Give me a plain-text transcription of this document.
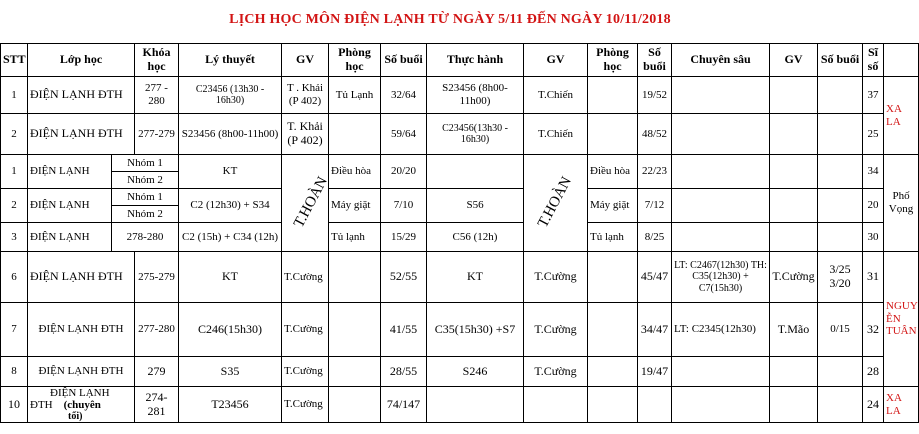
LỊCH HỌC MÔN ĐIỆN LẠNH TỪ NGÀY 5/11 ĐẾN NGÀY 10/11/2018
STT	Lớp học		Khóa học	Lý thuyết	GV	Phòng học	Số buổi	Thực hành	GV	Phòng học	Số buổi	Chuyên sâu	GV	Số buổi	Sĩ số	
1	ĐIỆN LẠNH ĐTH		277 - 280	C23456 (13h30 - 16h30)	T . Khải (P 402)	Tủ Lạnh	32/64	S23456 (8h00-11h00)	T.Chiến		19/52				37	XA LA
2	ĐIỆN LẠNH ĐTH		277-279	S23456 (8h00-11h00)	T. Khải (P 402)		59/64	C23456(13h30 - 16h30)	T.Chiến		48/52				25	
1	ĐIỆN LẠNH	Nhóm 1		KT	T.HOÀN	Điều hòa	20/20		T.HOÀN	Điều hòa	22/23				34	Phố Vọng
		Nhóm 2														
2	ĐIỆN LẠNH	Nhóm 1		C2 (12h30) + S34		Máy giặt	7/10	S56		Máy giặt	7/12				20	
		Nhóm 2														
3	ĐIỆN LẠNH	278-280		C2 (15h) + C34 (12h)		Tủ lạnh	15/29	C56 (12h)		Tủ lạnh	8/25				30	

6	ĐIỆN LẠNH ĐTH		275-279	KT	T.Cường		52/55	KT	T.Cường		45/47	LT: C2467(12h30) TH: C35(12h30) + C7(15h30)	T.Cường	3/25 3/20	31	NGUY ỄN TUÂN
7	ĐIỆN LẠNH ĐTH		277-280	C246(15h30)	T.Cường		41/55	C35(15h30) +S7	T.Cường		34/47	LT: C2345(12h30)	T.Mão	0/15	32	
8	ĐIỆN LẠNH ĐTH		279	S35	T.Cường		28/55	S246	T.Cường		19/47				28	
10	ĐIỆN LẠNH
ĐTH (chuyên
tối)		274-281	T23456	T.Cường		74/147								24	XA LA
